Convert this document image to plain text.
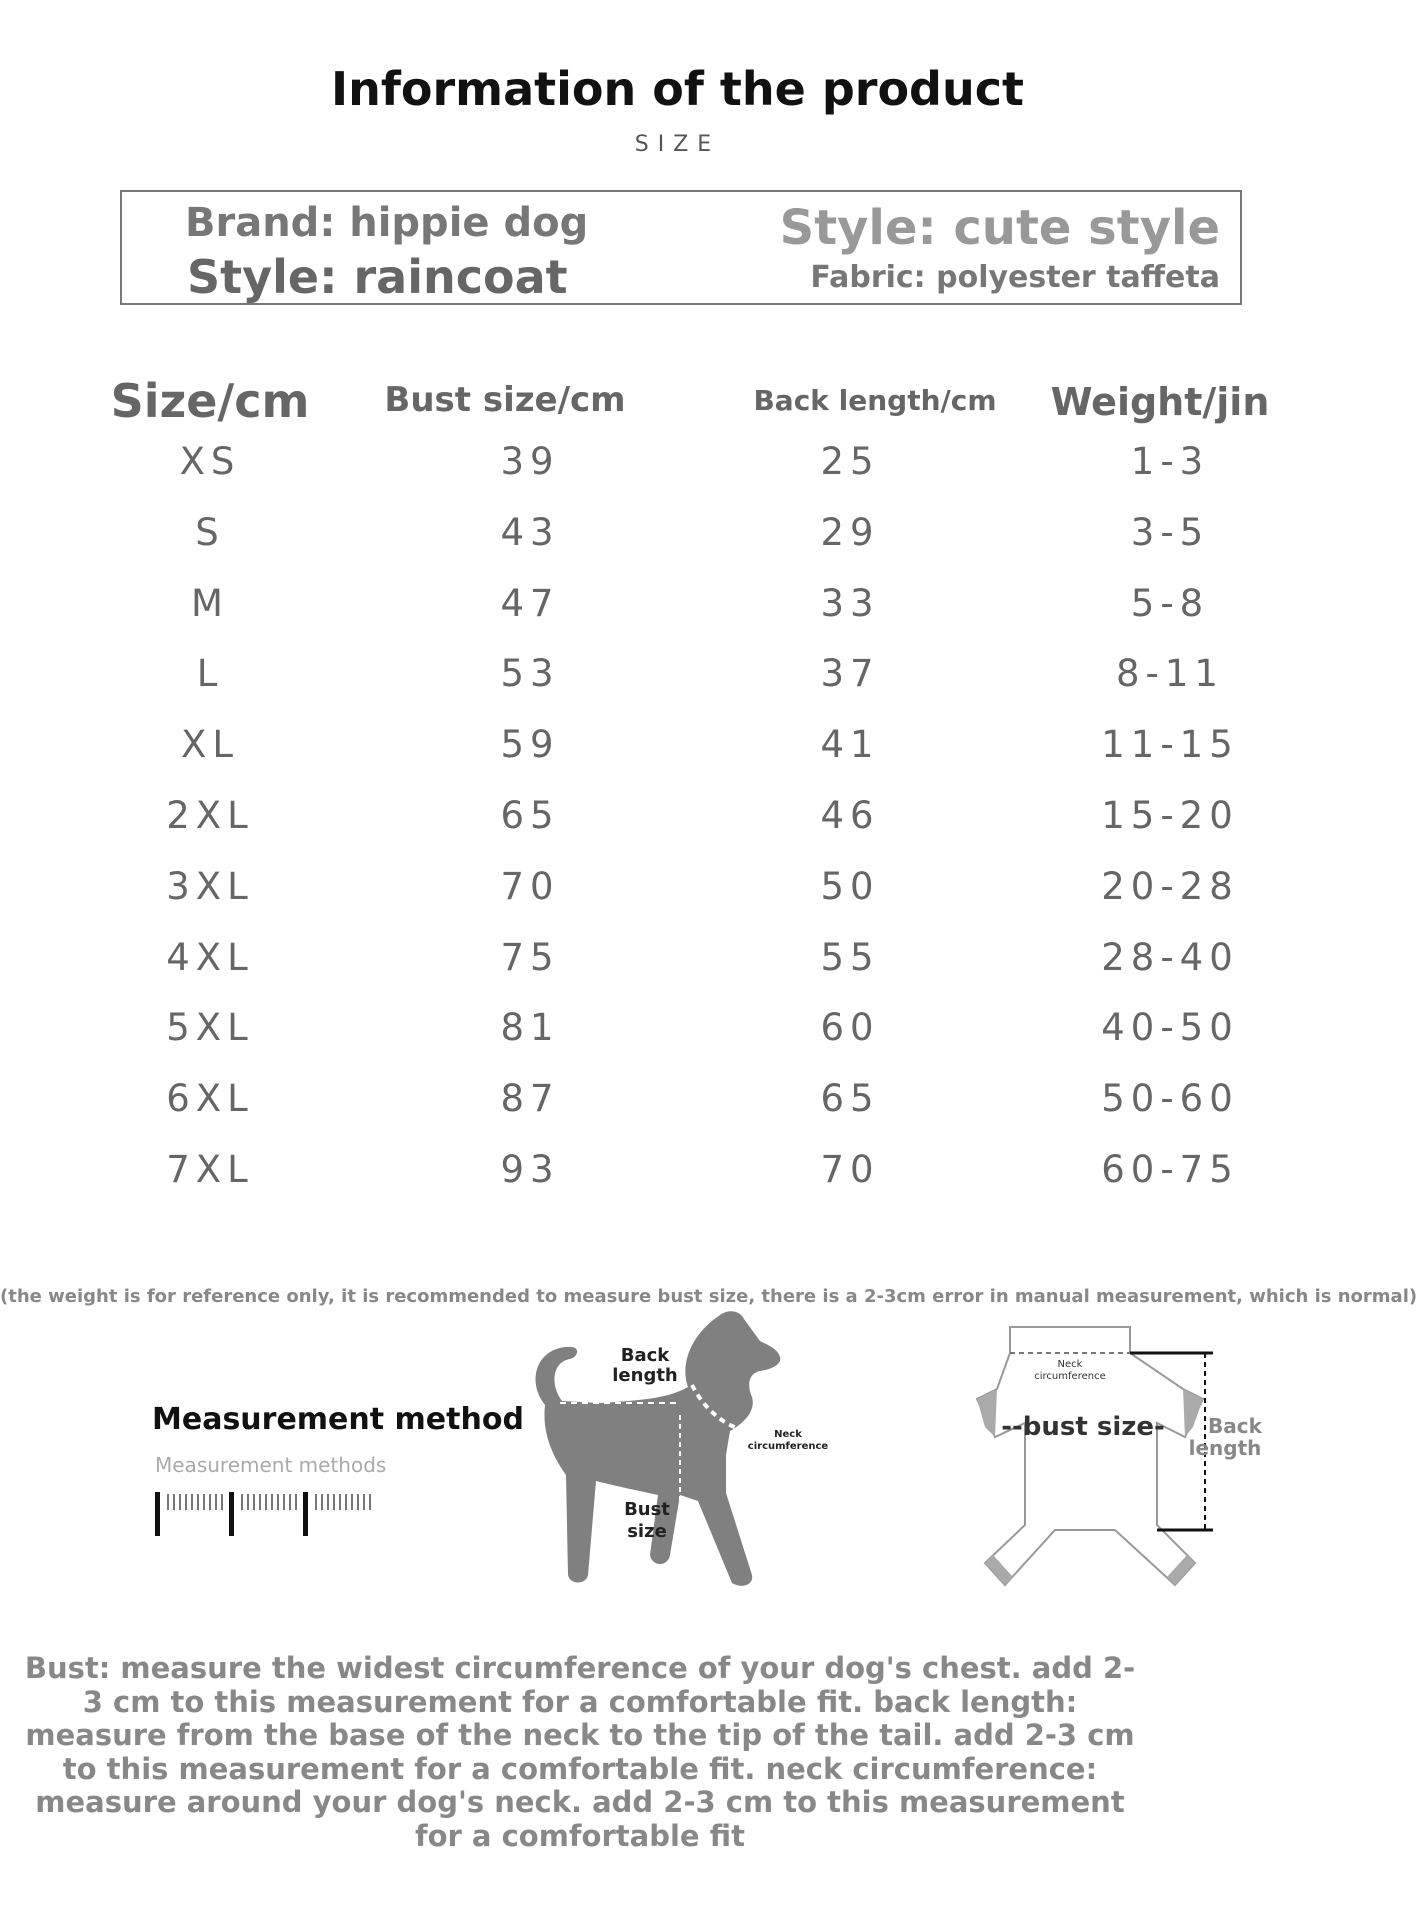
Information of the product
SIZE
Brand: hippie dog
Style: raincoat
Style: cute style
Fabric: polyester taffeta
Size/cm	Bust size/cm	Back length/cm	Weight/jin
XS	39	25	1-3
S	43	29	3-5
M	47	33	5-8
L	53	37	8-11
XL	59	41	11-15
2XL	65	46	15-20
3XL	70	50	20-28
4XL	75	55	28-40
5XL	81	60	40-50
6XL	87	65	50-60
7XL	93	70	60-75
(the weight is for reference only, it is recommended to measure bust size, there is a 2-3cm error in manual measurement, which is normal)
Measurement method
Measurement methods
Back
length
Neck
circumference
Bust
size
Neck
circumference
--bust size- Back
length
Bust: measure the widest circumference of your dog's chest. add 2-3 cm to this measurement for a comfortable fit. back length: measure from the base of the neck to the tip of the tail. add 2-3 cm to this measurement for a comfortable fit. neck circumference: measure around your dog's neck. add 2-3 cm to this measurement for a comfortable fit
